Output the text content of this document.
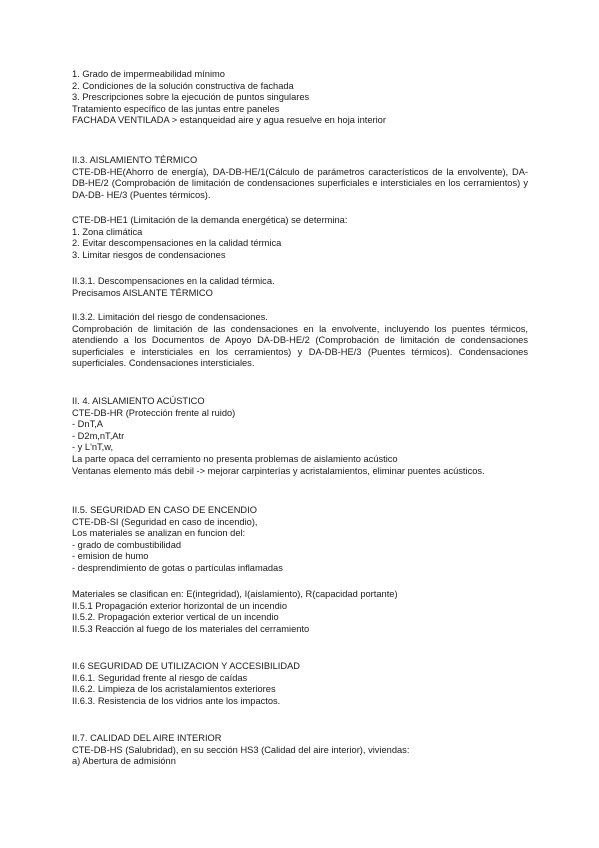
1. Grado de impermeabilidad mínimo
2. Condiciones de la solución constructiva de fachada
3. Prescripciones sobre la ejecución de puntos singulares
Tratamiento específico de las juntas entre paneles
FACHADA VENTILADA > estanqueidad aire y agua resuelve en hoja interior
II.3. AISLAMIENTO TÉRMICO
CTE-DB-HE(Ahorro de energía), DA-DB-HE/1(Cálculo de parámetros característicos de la envolvente), DA-DB-HE/2 (Comprobación de limitación de condensaciones superficiales e intersticiales en los cerramientos) y DA-DB- HE/3 (Puentes térmicos).
CTE-DB-HE1 (Limitación de la demanda energética) se determina:
1. Zona climática
2. Evitar descompensaciones en la calidad térmica
3. Limitar riesgos de condensaciones
II.3.1. Descompensaciones en la calidad térmica.
Precisamos AISLANTE TÉRMICO
II.3.2. Limitación del riesgo de condensaciones.
Comprobación de limitación de las condensaciones en la envolvente, incluyendo los puentes térmicos, atendiendo a los Documentos de Apoyo DA-DB-HE/2 (Comprobación de limitación de condensaciones superficiales e intersticiales en los cerramientos) y DA-DB-HE/3 (Puentes térmicos). Condensaciones superficiales. Condensaciones intersticiales.
II. 4. AISLAMIENTO ACÚSTICO
CTE-DB-HR (Protección frente al ruido)
- DnT,A
- D2m,nT,Atr
- y L'nT,w,
La parte opaca del cerramiento no presenta problemas de aislamiento acústico
Ventanas elemento más debil -> mejorar carpinterías y acristalamientos, eliminar puentes acústicos.
II.5. SEGURIDAD EN CASO DE ENCENDIO
CTE-DB-SI (Seguridad en caso de incendio),
Los materiales se analizan en funcion del:
- grado de combustibilidad
- emision de humo
- desprendimiento de gotas o partículas inflamadas
Materiales se clasifican en: E(integridad), I(aislamiento), R(capacidad portante)
II.5.1 Propagación exterior horizontal de un incendio
II.5.2. Propagación exterior vertical de un incendio
II.5.3 Reacción al fuego de los materiales del cerramiento
II.6 SEGURIDAD DE UTILIZACION Y ACCESIBILIDAD
II.6.1. Seguridad frente al riesgo de caídas
II.6.2. Limpieza de los acristalamientos exteriores
II.6.3. Resistencia de los vidrios ante los impactos.
II.7. CALIDAD DEL AIRE INTERIOR
CTE-DB-HS (Salubridad), en su sección HS3 (Calidad del aire interior), viviendas:
a) Abertura de admisiónn
